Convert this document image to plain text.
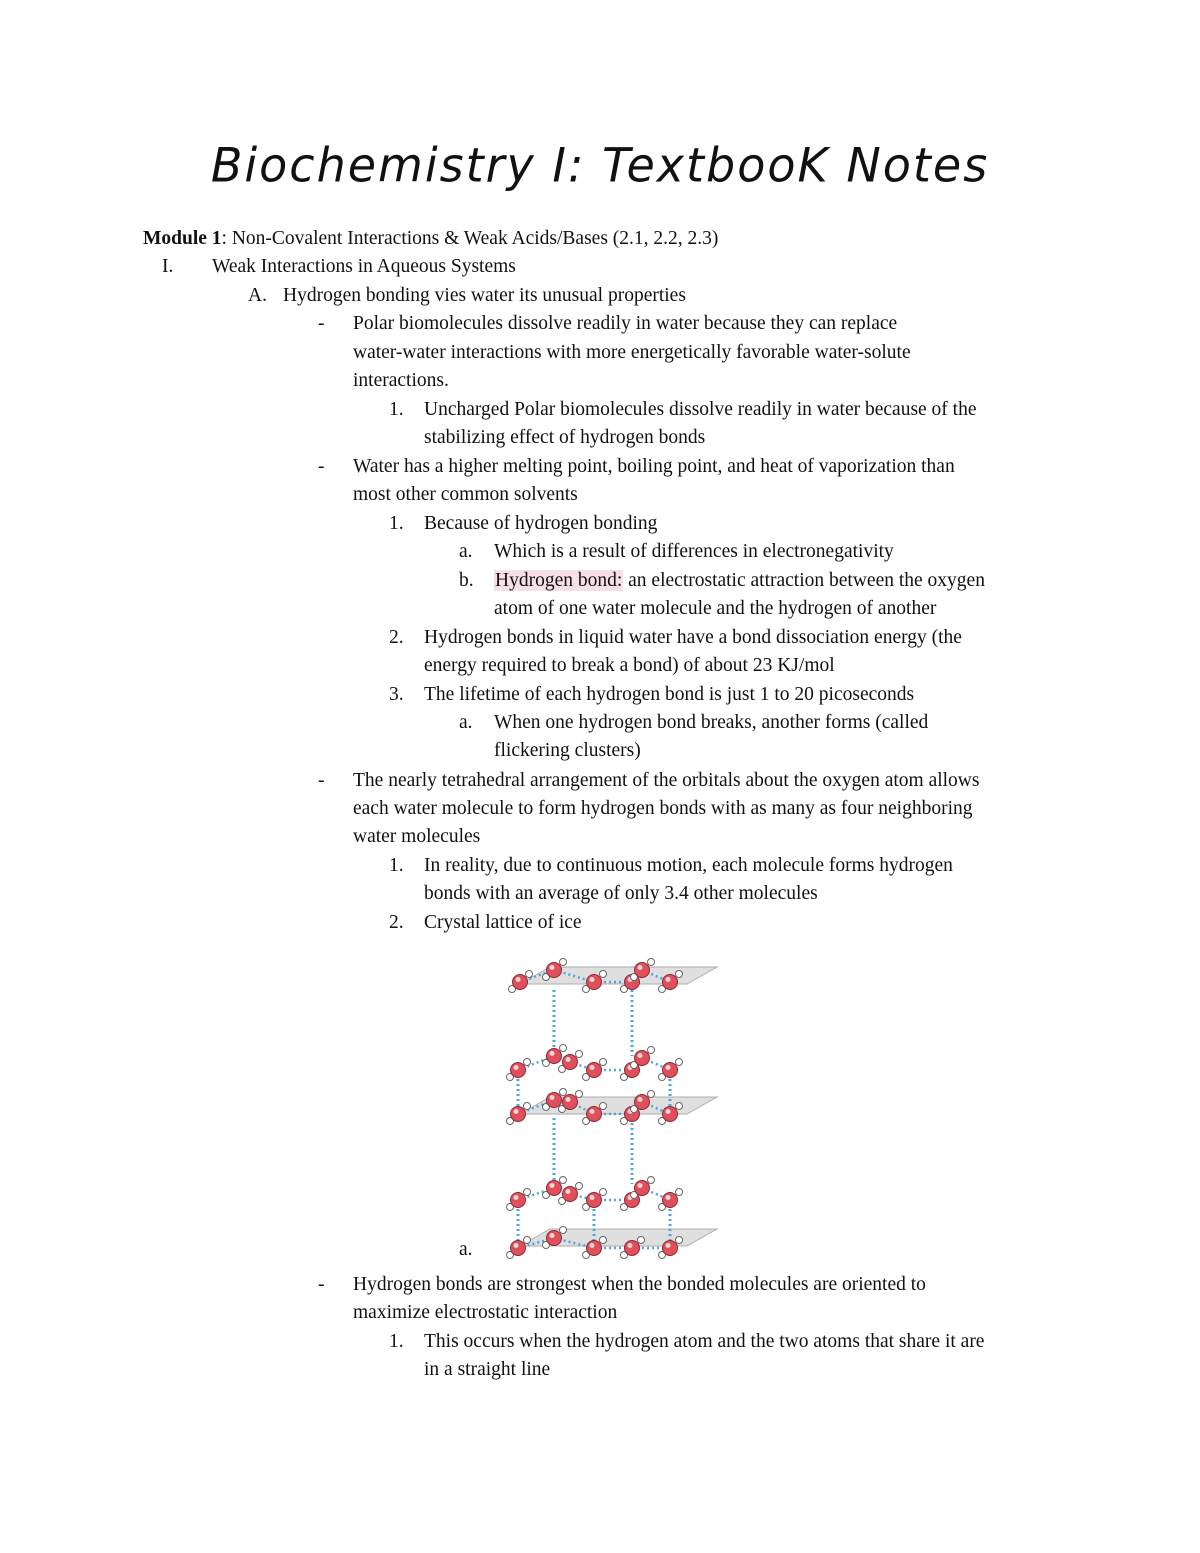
Biochemistry I: TextbooK Notes
Module 1: Non-Covalent Interactions & Weak Acids/Bases (2.1, 2.2, 2.3)
I. Weak Interactions in Aqueous Systems
A. Hydrogen bonding vies water its unusual properties
- Polar biomolecules dissolve readily in water because they can replace
water-water interactions with more energetically favorable water-solute
interactions.
1. Uncharged Polar biomolecules dissolve readily in water because of the
stabilizing effect of hydrogen bonds
- Water has a higher melting point, boiling point, and heat of vaporization than
most other common solvents
1. Because of hydrogen bonding
a. Which is a result of differences in electronegativity
b. Hydrogen bond: an electrostatic attraction between the oxygen
atom of one water molecule and the hydrogen of another
2. Hydrogen bonds in liquid water have a bond dissociation energy (the
energy required to break a bond) of about 23 KJ/mol
3. The lifetime of each hydrogen bond is just 1 to 20 picoseconds
a. When one hydrogen bond breaks, another forms (called
flickering clusters)
- The nearly tetrahedral arrangement of the orbitals about the oxygen atom allows
each water molecule to form hydrogen bonds with as many as four neighboring
water molecules
1. In reality, due to continuous motion, each molecule forms hydrogen
bonds with an average of only 3.4 other molecules
2. Crystal lattice of ice
a.
- Hydrogen bonds are strongest when the bonded molecules are oriented to
maximize electrostatic interaction
1. This occurs when the hydrogen atom and the two atoms that share it are
in a straight line
